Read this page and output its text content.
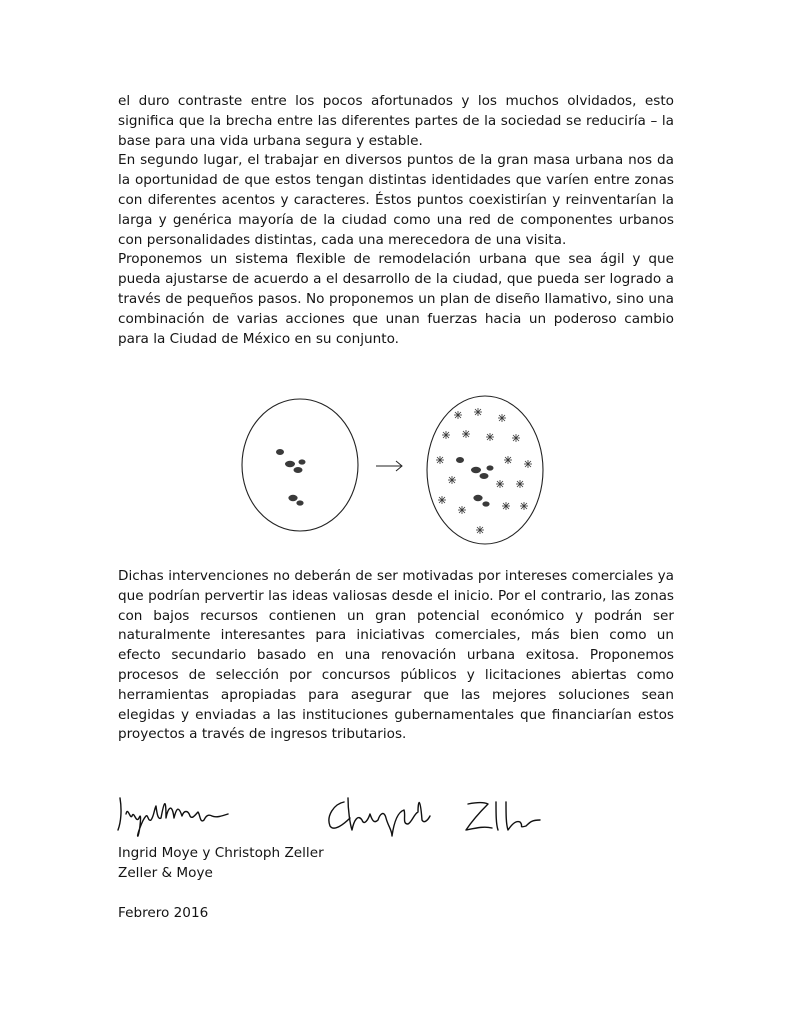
el duro contraste entre los pocos afortunados y los muchos olvidados, esto significa que la brecha entre las diferentes partes de la sociedad se reduciría – la base para una vida urbana segura y estable.

En segundo lugar, el trabajar en diversos puntos de la gran masa urbana nos da la oportunidad de que estos tengan distintas identidades que varíen entre zonas con diferentes acentos y caracteres. Éstos puntos coexistirían y reinventarían la larga y genérica mayoría de la ciudad como una red de componentes urbanos con personalidades distintas, cada una merecedora de una visita.

Proponemos un sistema flexible de remodelación urbana que sea ágil y que pueda ajustarse de acuerdo a el desarrollo de la ciudad, que pueda ser logrado a través de pequeños pasos. No proponemos un plan de diseño llamativo, sino una combinación de varias acciones que unan fuerzas hacia un poderoso cambio para la Ciudad de México en su conjunto.

Dichas intervenciones no deberán de ser motivadas por intereses comerciales ya que podrían pervertir las ideas valiosas desde el inicio. Por el contrario, las zonas con bajos recursos contienen un gran potencial económico y podrán ser naturalmente interesantes para iniciativas comerciales, más bien como un efecto secundario basado en una renovación urbana exitosa. Proponemos procesos de selección por concursos públicos y licitaciones abiertas como herramientas apropiadas para asegurar que las mejores soluciones sean elegidas y enviadas a las instituciones gubernamentales que financiarían estos proyectos a través de ingresos tributarios.

Ingrid Moye y Christoph Zeller
Zeller & Moye
Febrero 2016
